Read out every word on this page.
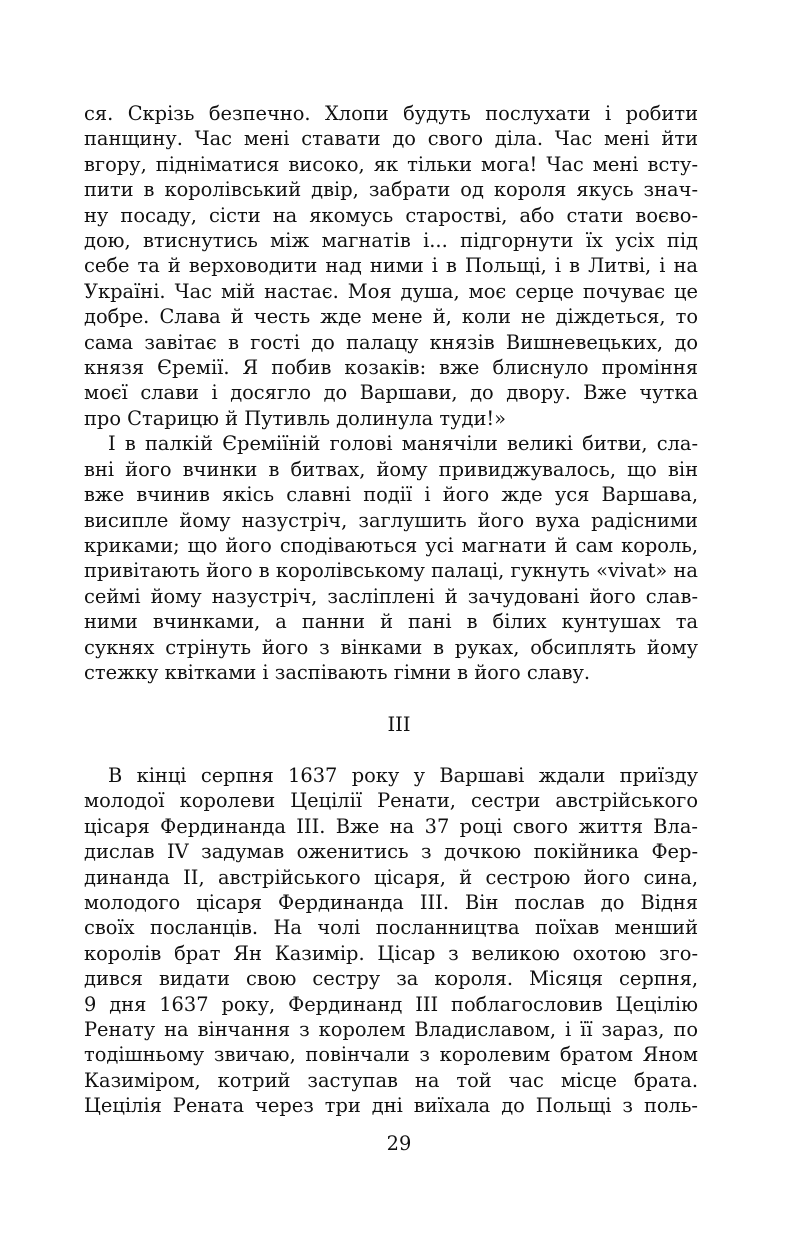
ся. Скрізь безпечно. Хлопи будуть послухати і робити
панщину. Час мені ставати до свого діла. Час мені йти
вгору, підніматися високо, як тільки мога! Час мені всту-
пити в королівський двір, забрати од короля якусь знач-
ну посаду, сісти на якомусь старостві, або стати воєво-
дою, втиснутись між магнатів і... підгорнути їх усіх під
себе та й верховодити над ними і в Польщі, і в Литві, і на
Україні. Час мій настає. Моя душа, моє серце почуває це
добре. Слава й честь жде мене й, коли не діждеться, то
сама завітає в гості до палацу князів Вишневецьких, до
князя Єремії. Я побив козаків: вже блиснуло проміння
моєї слави і досягло до Варшави, до двору. Вже чутка
про Старицю й Путивль долинула туди!»
І в палкій Єреміїній голові манячіли великі битви, сла-
вні його вчинки в битвах, йому привиджувалось, що він
вже вчинив якісь славні події і його жде уся Варшава,
висипле йому назустріч, заглушить його вуха радісними
криками; що його сподіваються усі магнати й сам король,
привітають його в королівському палаці, гукнуть «vivat» на
сеймі йому назустріч, засліплені й зачудовані його слав-
ними вчинками, а панни й пані в білих кунтушах та
сукнях стрінуть його з вінками в руках, обсиплять йому
стежку квітками і заспівають гімни в його славу.
III
В кінці серпня 1637 року у Варшаві ждали приїзду
молодої королеви Цецілії Ренати, сестри австрійського
цісаря Фердинанда III. Вже на 37 році свого життя Вла-
дислав IV задумав оженитись з дочкою покійника Фер-
динанда II, австрійського цісаря, й сестрою його сина,
молодого цісаря Фердинанда III. Він послав до Відня
своїх посланців. На чолі посланництва поїхав менший
королів брат Ян Казимір. Цісар з великою охотою зго-
дився видати свою сестру за короля. Місяця серпня,
9 дня 1637 року, Фердинанд III поблагословив Цецілію
Ренату на вінчання з королем Владиславом, і її зараз, по
тодішньому звичаю, повінчали з королевим братом Яном
Казиміром, котрий заступав на той час місце брата.
Цецілія Рената через три дні виїхала до Польщі з поль-
29
